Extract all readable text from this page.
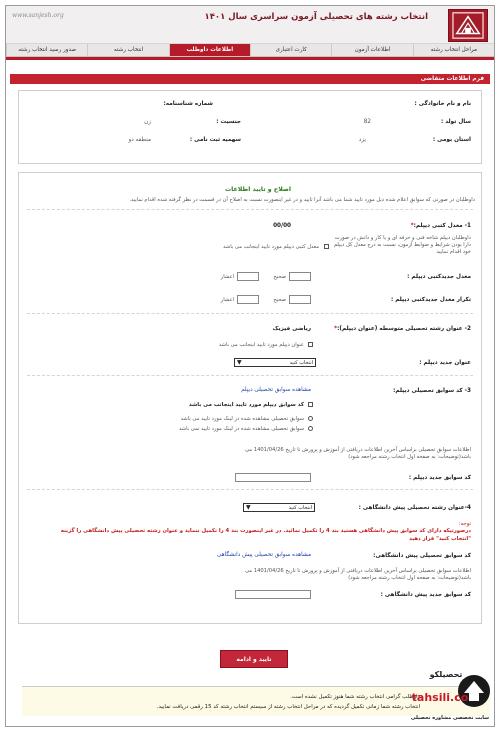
www.sanjesh.org	انتخاب رشته های تحصیلی آزمون سراسری سال ۱۴۰۱
مراحل انتخاب رشته
اطلاعات آزمون
کارت اعتباری
اطلاعات داوطلب
انتخاب رشته
صدور رسید انتخاب رشته
فرم اطلاعات متقاضی
نام و نام خانوادگی :
شماره شناسنامه:
سال تولد :
82
جنسیت :
زن
استان بومی :
یزد
سهمیه ثبت نامی :
منطقه دو
اصلاح و تایید اطلاعات
داوطلبان در صورتی که سوابق اعلام شده ذیل مورد تایید شما می باشد آنرا تایید و در غیر اینصورت نسبت به اصلاح آن در قسمت در نظر گرفته شده اقدام نمایید.
1- معدل کتبی دیپلم:*
00/00
داوطلبان دیپلم شاخه فنی و حرفه ای و یا کار و دانش در صورت
دارا بودن شرایط و ضوابط آزمون، نسبت به درج معدل کل دیپلم
خود اقدام نمایید
معدل کتبی دیپلم مورد تایید اینجانب می باشد
معدل جدیدکتبی دیپلم :
صحیح
اعشار
تکرار معدل جدیدکتبی دیپلم :
صحیح
اعشار
2- عنوان رشته تحصیلی متوسطه (عنوان دیپلم):*
ریاضی فیزیک
عنوان دیپلم مورد تایید اینجانب می باشد
عنوان جدید دیپلم :
انتخاب کنید
▼
3- کد سوابق تحصیلی دیپلم:
مشاهده سوابق تحصیلی دیپلم
کد سوابق دیپلم مورد تایید اینجانب می باشد
سوابق تحصیلی مشاهده شده در لینک مورد تایید می باشد
سوابق تحصیلی مشاهده شده در لینک مورد تایید نمی باشد
اطلاعات سوابق تحصیلی براساس آخرین اطلاعات دریافتی از آموزش و پرورش تا تاریخ 1401/04/26 می
باشد(توضیحات: به صفحه اول انتخاب رشته مراجعه شود)
کد سوابق جدید دیپلم :
4-عنوان رشته تحصیلی پیش دانشگاهی :
انتخاب کنید
▼
توجه:
درصورتیکه دارای کد سوابق پیش دانشگاهی هستید بند 4 را تکمیل نمائید. در غیر اینصورت بند 4 را تکمیل ننماید و عنوان رشته تحصیلی پیش دانشگاهی را گزینه
"انتخاب کنید" قرار دهید
کد سوابق تحصیلی پیش دانشگاهی:
مشاهده سوابق تحصیلی پیش دانشگاهی
اطلاعات سوابق تحصیلی براساس آخرین اطلاعات دریافتی از آموزش و پرورش تا تاریخ 1401/04/26 می
باشد(توضیحات: به صفحه اول انتخاب رشته مراجعه شود)
کد سوابق جدید پیش دانشگاهی :
تایید و ادامه
داوطلب گرامی انتخاب رشته شما هنوز تکمیل نشده است.
انتخاب رشته شما زمانی تکمیل گردیده که در مراحل انتخاب رشته از سیستم انتخاب رشته کد 15 رقمی دریافت نمایید.
تحصیلکو
tahsili.co
سایت تخصصی مشاوره تحصیلی
